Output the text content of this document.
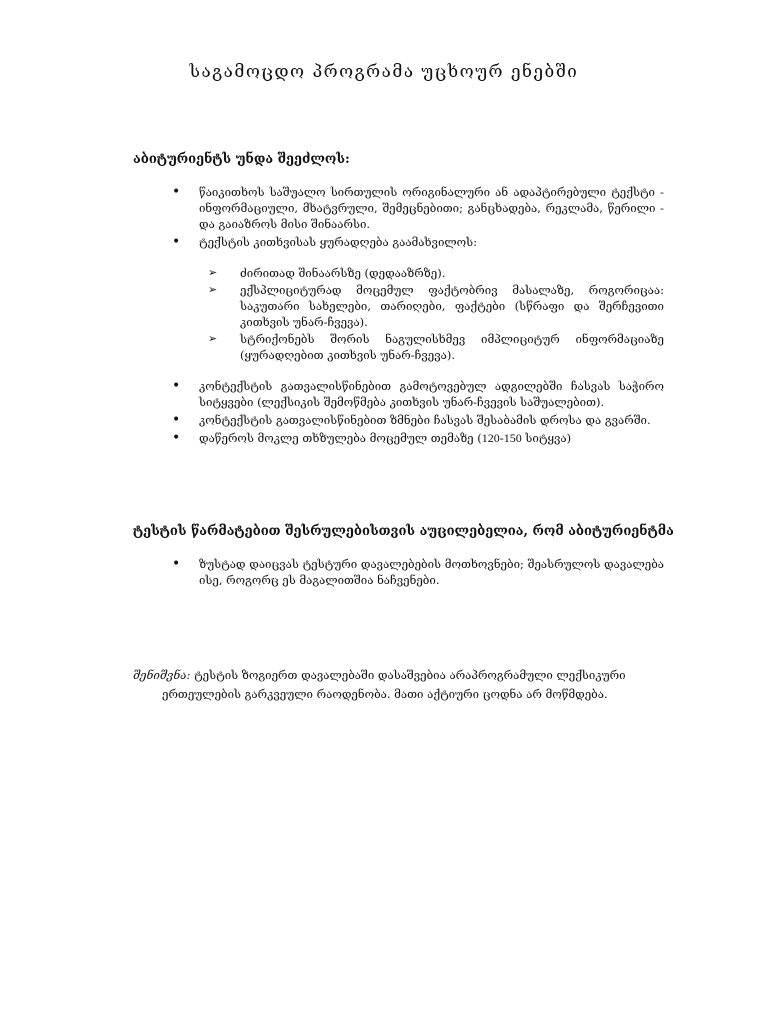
საგამოცდო პროგრამა უცხოურ ენებში
აბიტურიენტს უნდა შეეძლოს:
• წაიკითხოს საშუალო სირთულის ორიგინალური ან ადაპტირებული ტექსტი - ინფორმაციული, მხატვრული, შემეცნებითი; განცხადება, რეკლამა, წერილი - და გაიაზროს მისი შინაარსი.
• ტექსტის კითხვისას ყურადღება გაამახვილოს:
➢ ძირითად შინაარსზე (დედააზრზე).
➢ ექსპლიციტურად მოცემულ ფაქტობრივ მასალაზე, როგორიცაა: საკუთარი სახელები, თარიღები, ფაქტები (სწრაფი და შერჩევითი კითხვის უნარ-ჩვევა).
➢ სტრიქონებს შორის ნაგულისხმევ იმპლიციტურ ინფორმაციაზე (ყურადღებით კითხვის უნარ-ჩვევა).
• კონტექსტის გათვალისწინებით გამოტოვებულ ადგილებში ჩასვას საჭირო სიტყვები (ლექსიკის შემოწმება კითხვის უნარ-ჩვევის საშუალებით).
• კონტექსტის გათვალისწინებით ზმნები ჩასვას შესაბამის დროსა და გვარში.
• დაწეროს მოკლე თხზულება მოცემულ თემაზე (120-150 სიტყვა)
ტესტის წარმატებით შესრულებისთვის აუცილებელია, რომ აბიტურიენტმა
• ზუსტად დაიცვას ტესტური დავალებების მოთხოვნები; შეასრულოს დავალება ისე, როგორც ეს მაგალითშია ნაჩვენები.
შენიშვნა: ტესტის ზოგიერთ დავალებაში დასაშვებია არაპროგრამული ლექსიკური
ერთეულების გარკვეული რაოდენობა. მათი აქტიური ცოდნა არ მოწმდება.
